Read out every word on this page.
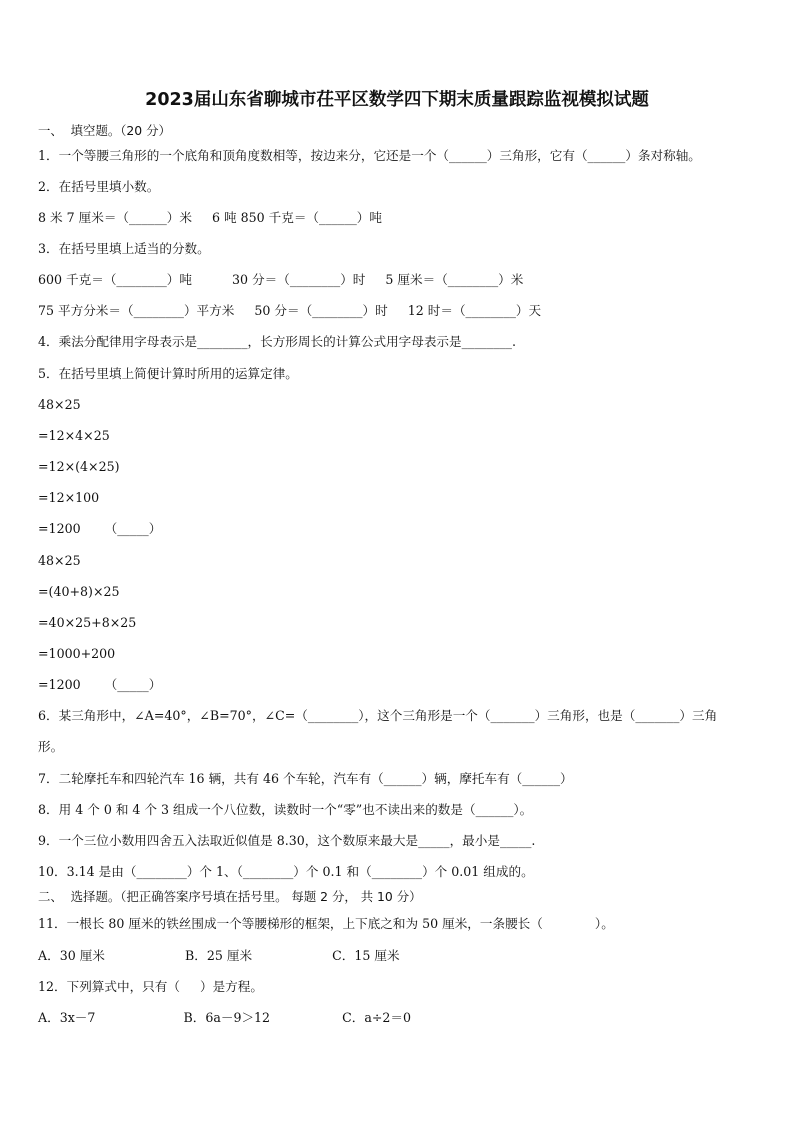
2023届山东省聊城市茌平区数学四下期末质量跟踪监视模拟试题
一、  填空题。（20 分）
1．一个等腰三角形的一个底角和顶角度数相等，按边来分，它还是一个（______）三角形，它有（______）条对称轴。
2．在括号里填小数。
8 米 7 厘米＝（______）米     6 吨 850 千克＝（______）吨
3．在括号里填上适当的分数。
600 千克＝（________）吨          30 分＝（________）时     5 厘米＝（________）米
75 平方分米＝（________）平方米     50 分＝（________）时     12 时＝（________）天
4．乘法分配律用字母表示是________，长方形周长的计算公式用字母表示是________.
5．在括号里填上简便计算时所用的运算定律。
48×25
=12×4×25
=12×(4×25)
=12×100
=1200      （_____）
48×25
=(40+8)×25
=40×25+8×25
=1000+200
=1200      （_____）
6．某三角形中，∠A=40°，∠B=70°，∠C=（________），这个三角形是一个（_______）三角形，也是（_______）三角
形。
7．二轮摩托车和四轮汽车 16 辆，共有 46 个车轮，汽车有（______）辆，摩托车有（______）
8．用 4 个 0 和 4 个 3 组成一个八位数，读数时一个“零”也不读出来的数是（______）。
9．一个三位小数用四舍五入法取近似值是 8.30，这个数原来最大是_____，最小是_____.
10．3.14 是由（________）个 1、（________）个 0.1 和（________）个 0.01 组成的。
二、  选择题。（把正确答案序号填在括号里。 每题 2 分， 共 10 分）
11．一根长 80 厘米的铁丝围成一个等腰梯形的框架，上下底之和为 50 厘米，一条腰长（             ）。
A．30 厘米                    B．25 厘米                    C．15 厘米
12．下列算式中，只有（     ）是方程。
A．3x－7                      B．6a－9＞12                  C．a÷2＝0
